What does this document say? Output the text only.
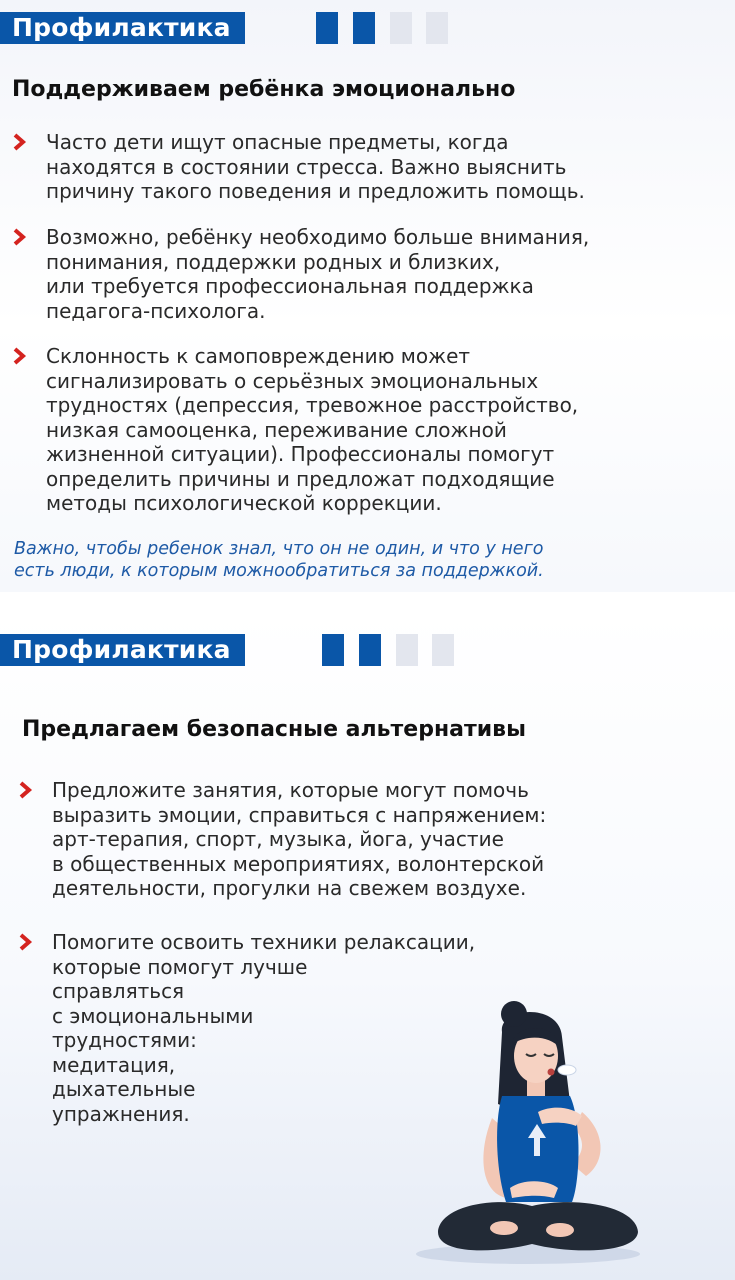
Профилактика
Поддерживаем ребёнка эмоционально
Часто дети ищут опасные предметы, когда
находятся в состоянии стресса. Важно выяснить
причину такого поведения и предложить помощь.
Возможно, ребёнку необходимо больше внимания,
понимания, поддержки родных и близких,
или требуется профессиональная поддержка
педагога-психолога.
Склонность к самоповреждению может
сигнализировать о серьёзных эмоциональных
трудностях (депрессия, тревожное расстройство,
низкая самооценка, переживание сложной
жизненной ситуации). Профессионалы помогут
определить причины и предложат подходящие
методы психологической коррекции.
Важно, чтобы ребенок знал, что он не один, и что у него
есть люди, к которым можнообратиться за поддержкой.
Профилактика
Предлагаем безопасные альтернативы
Предложите занятия, которые могут помочь
выразить эмоции, справиться с напряжением:
арт-терапия, спорт, музыка, йога, участие
в общественных мероприятиях, волонтерской
деятельности, прогулки на свежем воздухе.
Помогите освоить техники релаксации,
которые помогут лучше
справляться
с эмоциональными
трудностями:
медитация,
дыхательные
упражнения.
